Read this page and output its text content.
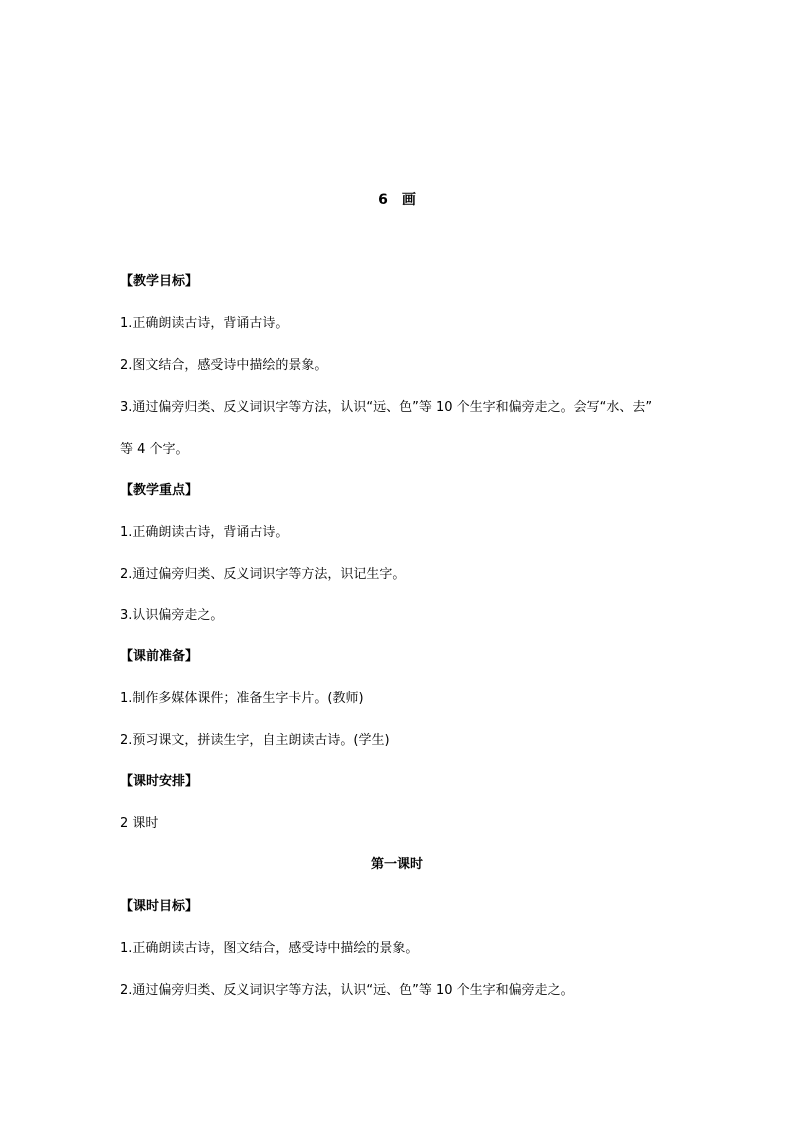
6　画
【教学目标】
1.正确朗读古诗，背诵古诗。
2.图文结合，感受诗中描绘的景象。
3.通过偏旁归类、反义词识字等方法，认识“远、色”等 10 个生字和偏旁走之。会写“水、去”
等 4 个字。
【教学重点】
1.正确朗读古诗，背诵古诗。
2.通过偏旁归类、反义词识字等方法，识记生字。
3.认识偏旁走之。
【课前准备】
1.制作多媒体课件；准备生字卡片。(教师)
2.预习课文，拼读生字，自主朗读古诗。(学生)
【课时安排】
2 课时
第一课时
【课时目标】
1.正确朗读古诗，图文结合，感受诗中描绘的景象。
2.通过偏旁归类、反义词识字等方法，认识“远、色”等 10 个生字和偏旁走之。
